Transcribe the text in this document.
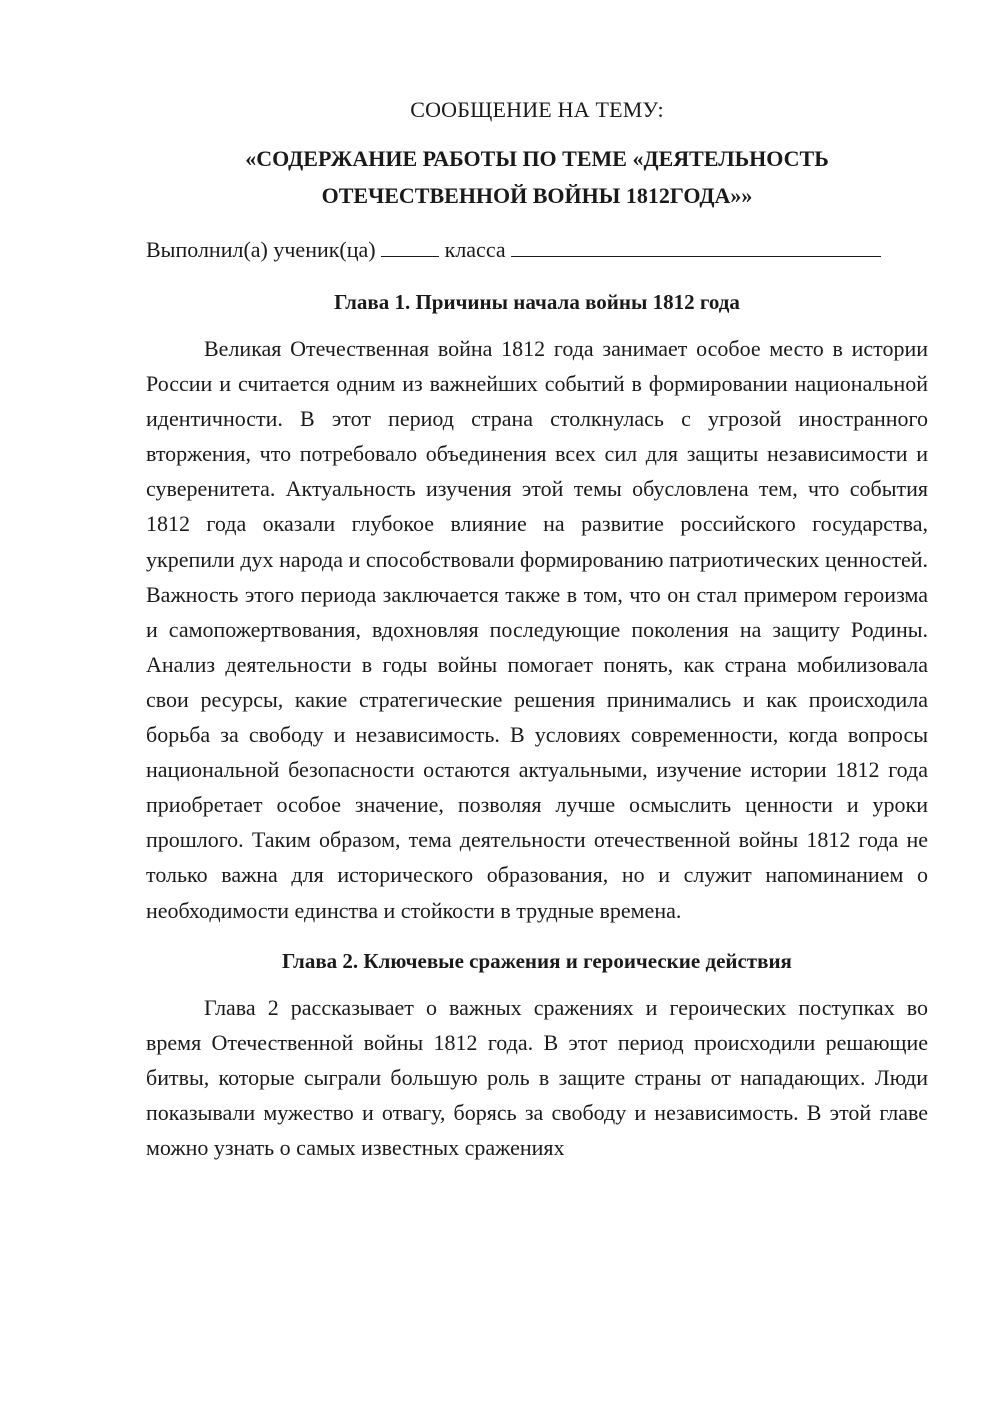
СООБЩЕНИЕ НА ТЕМУ:
«СОДЕРЖАНИЕ РАБОТЫ ПО ТЕМЕ «ДЕЯТЕЛЬНОСТЬ
ОТЕЧЕСТВЕННОЙ ВОЙНЫ 1812ГОДА»»
Выполнил(а) ученик(ца)	класса
Глава 1. Причины начала войны 1812 года

Великая Отечественная война 1812 года занимает особое место в истории России и считается одним из важнейших событий в формировании национальной идентичности. В этот период страна столкнулась с угрозой иностранного вторжения, что потребовало объединения всех сил для защиты независимости и суверенитета. Актуальность изучения этой темы обусловлена тем, что события 1812 года оказали глубокое влияние на развитие российского государства, укрепили дух народа и способствовали формированию патриотических ценностей. Важность этого периода заключается также в том, что он стал примером героизма и самопожертвования, вдохновляя последующие поколения на защиту Родины. Анализ деятельности в годы войны помогает понять, как страна мобилизовала свои ресурсы, какие стратегические решения принимались и как происходила борьба за свободу и независимость. В условиях современности, когда вопросы национальной безопасности остаются актуальными, изучение истории 1812 года приобретает особое значение, позволяя лучше осмыслить ценности и уроки прошлого. Таким образом, тема деятельности отечественной войны 1812 года не только важна для исторического образования, но и служит напоминанием о необходимости единства и стойкости в трудные времена.

Глава 2. Ключевые сражения и героические действия

Глава 2 рассказывает о важных сражениях и героических поступках во время Отечественной войны 1812 года. В этот период происходили решающие битвы, которые сыграли большую роль в защите страны от нападающих. Люди показывали мужество и отвагу, борясь за свободу и независимость. В этой главе можно узнать о самых известных сражениях
